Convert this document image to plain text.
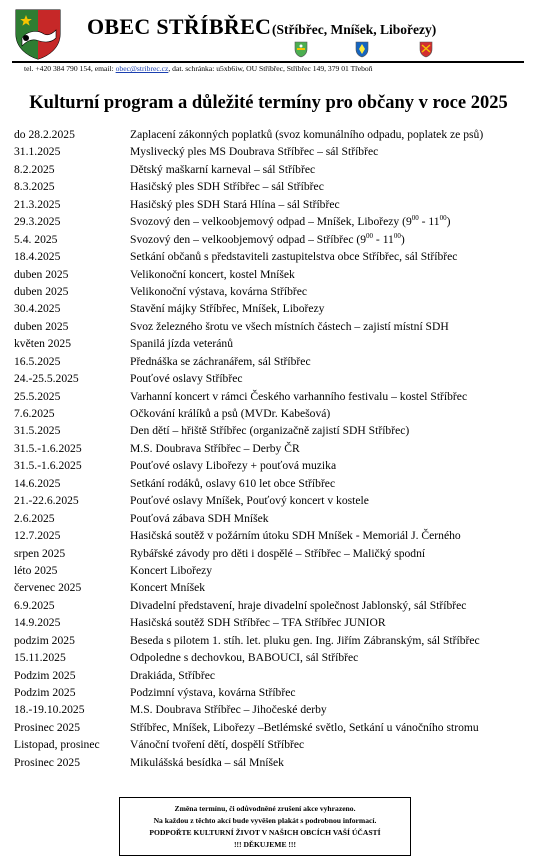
OBEC STŘÍBŘEC (Stříbřec, Mníšek, Libořezy)
tel. +420 384 790 154, email: obec@stribrec.cz, dat. schránka: u5xb6iw, OU Stříbřec, Stříbřec 149, 379 01 Třeboň
Kulturní program a důležité termíny pro občany v roce 2025
do 28.2.2025	Zaplacení zákonných poplatků (svoz komunálního odpadu, poplatek ze psů)
31.1.2025	Myslivecký ples MS Doubrava Stříbřec – sál Stříbřec
8.2.2025	Dětský maškarní karneval – sál Stříbřec
8.3.2025	Hasičský ples SDH Stříbřec – sál Stříbřec
21.3.2025	Hasičský ples SDH Stará Hlína – sál Stříbřec
29.3.2025	Svozový den – velkoobjemový odpad – Mníšek, Libořezy $(9^{00} - 11^{00})$
5.4. 2025	Svozový den – velkoobjemový odpad – Stříbřec $(9^{00} - 11^{00})$
18.4.2025	Setkání občanů s představiteli zastupitelstva obce Stříbřec, sál Stříbřec
duben 2025	Velikonoční koncert, kostel Mníšek
duben 2025	Velikonoční výstava, kovárna Stříbřec
30.4.2025	Stavění májky Stříbřec, Mníšek, Libořezy
duben 2025	Svoz železného šrotu ve všech místních částech – zajistí místní SDH
květen 2025	Spanilá jízda veteránů
16.5.2025	Přednáška se záchranářem, sál Stříbřec
24.-25.5.2025	Pouťové oslavy Stříbřec
25.5.2025	Varhanní koncert v rámci Českého varhanního festivalu – kostel Stříbřec
7.6.2025	Očkování králíků a psů (MVDr. Kabešová)
31.5.2025	Den dětí – hřiště Stříbřec (organizačně zajistí SDH Stříbřec)
31.5.-1.6.2025	M.S. Doubrava Stříbřec – Derby ČR
31.5.-1.6.2025	Pouťové oslavy Libořezy + pouťová muzika
14.6.2025	Setkání rodáků, oslavy 610 let obce Stříbřec
21.-22.6.2025	Pouťové oslavy Mníšek, Pouťový koncert v kostele
2.6.2025	Pouťová zábava SDH Mníšek
12.7.2025	Hasičská soutěž v požárním útoku SDH Mníšek - Memoriál J. Černého
srpen 2025	Rybářské závody pro děti i dospělé – Stříbřec – Maličký spodní
léto 2025	Koncert Libořezy
červenec 2025	Koncert Mníšek
6.9.2025	Divadelní představení, hraje divadelní společnost Jablonský, sál Stříbřec
14.9.2025	Hasičská soutěž SDH Stříbřec – TFA Stříbřec JUNIOR
podzim 2025	Beseda s pilotem 1. stíh. let. pluku gen. Ing. Jiřím Zábranským, sál Stříbřec
15.11.2025	Odpoledne s dechovkou, BABOUCI, sál Stříbřec
Podzim 2025	Drakiáda, Stříbřec
Podzim 2025	Podzimní výstava, kovárna Stříbřec
18.-19.10.2025	M.S. Doubrava Stříbřec – Jihočeské derby
Prosinec 2025	Stříbřec, Mníšek, Libořezy –Betlémské světlo, Setkání u vánočního stromu
Listopad, prosinec	Vánoční tvoření dětí, dospělí Stříbřec
Prosinec 2025	Mikulášská besídka – sál Mníšek
Změna termínu, či odůvodněné zrušení akce vyhrazeno.
Na každou z těchto akcí bude vyvěšen plakát s podrobnou informací.
PODPOŘTE KULTURNÍ ŽIVOT V NAŠICH OBCÍCH VAŠÍ ÚČASTÍ
!!! DĚKUJEME !!!
